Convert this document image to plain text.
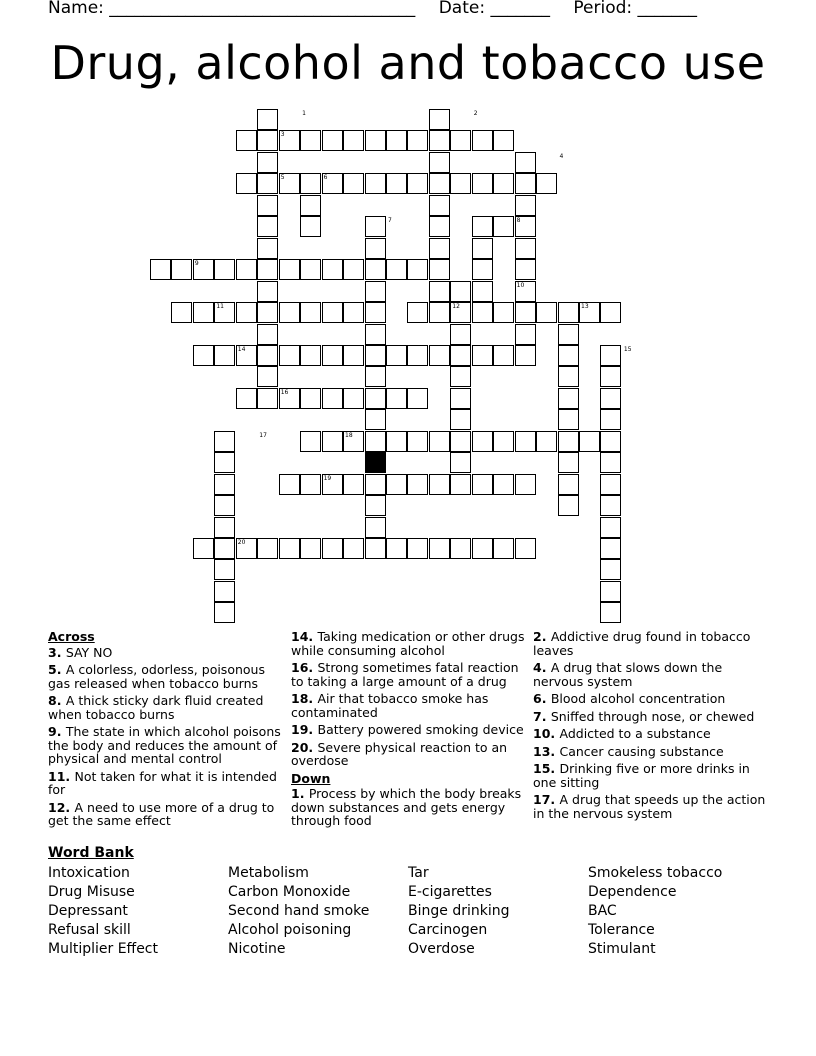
Name: ____________________________________ Date: _______ Period: _______
Drug, alcohol and tobacco use
1	2
3
4
5	6
7	8
9
10
11	12	13
14	15
16
17	18
19
20
Across
3. SAY NO
5. A colorless, odorless, poisonous gas released when tobacco burns
8. A thick sticky dark fluid created when tobacco burns
9. The state in which alcohol poisons the body and reduces the amount of physical and mental control
11. Not taken for what it is intended for
12. A need to use more of a drug to get the same effect
14. Taking medication or other drugs while consuming alcohol
16. Strong sometimes fatal reaction to taking a large amount of a drug
18. Air that tobacco smoke has contaminated
19. Battery powered smoking device
20. Severe physical reaction to an overdose
Down
1. Process by which the body breaks down substances and gets energy through food
2. Addictive drug found in tobacco leaves
4. A drug that slows down the nervous system
6. Blood alcohol concentration
7. Sniffed through nose, or chewed
10. Addicted to a substance
13. Cancer causing substance
15. Drinking five or more drinks in one sitting
17. A drug that speeds up the action in the nervous system
Word Bank
Intoxication
Drug Misuse
Depressant
Refusal skill
Multiplier Effect
Metabolism
Carbon Monoxide
Second hand smoke
Alcohol poisoning
Nicotine
Tar
E-cigarettes
Binge drinking
Carcinogen
Overdose
Smokeless tobacco
Dependence
BAC
Tolerance
Stimulant
